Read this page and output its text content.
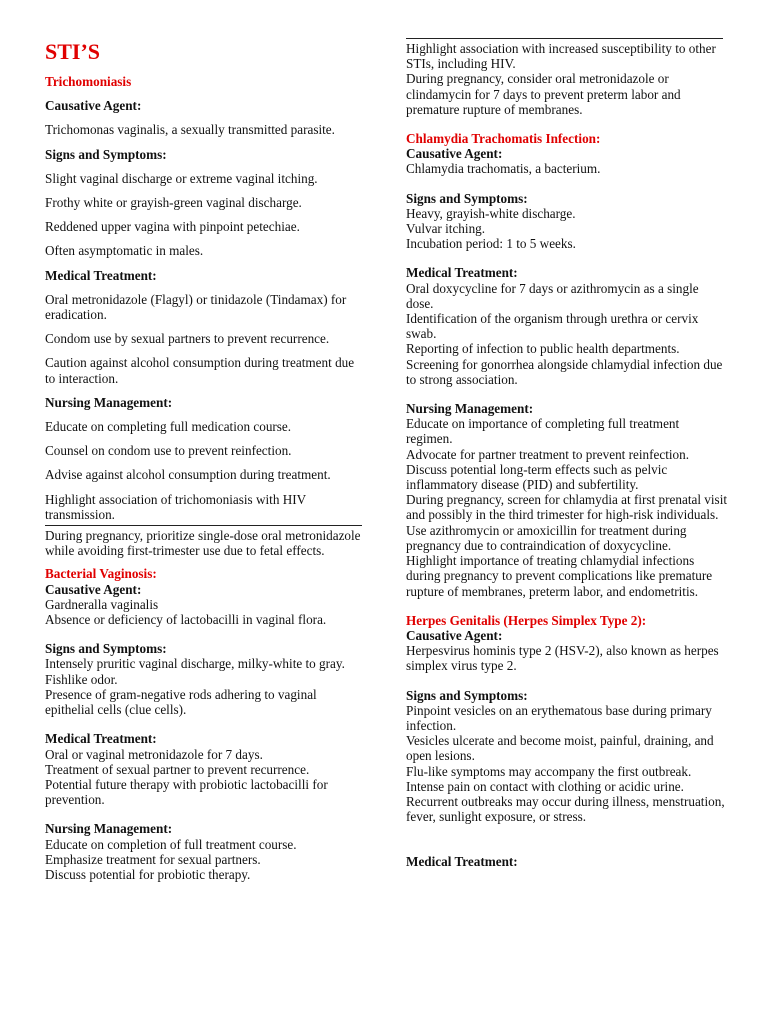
STI’S
Trichomoniasis
Causative Agent:

Trichomonas vaginalis, a sexually transmitted parasite.

Signs and Symptoms:

Slight vaginal discharge or extreme vaginal itching.

Frothy white or grayish-green vaginal discharge.

Reddened upper vagina with pinpoint petechiae.

Often asymptomatic in males.

Medical Treatment:

Oral metronidazole (Flagyl) or tinidazole (Tindamax) for eradication.

Condom use by sexual partners to prevent recurrence.

Caution against alcohol consumption during treatment due to interaction.

Nursing Management:

Educate on completing full medication course.

Counsel on condom use to prevent reinfection.

Advise against alcohol consumption during treatment.

Highlight association of trichomoniasis with HIV transmission.

During pregnancy, prioritize single-dose oral metronidazole while avoiding first-trimester use due to fetal effects.

Bacterial Vaginosis:
Causative Agent:

Gardneralla vaginalis

Absence or deficiency of lactobacilli in vaginal flora.

Signs and Symptoms:

Intensely pruritic vaginal discharge, milky-white to gray.

Fishlike odor.

Presence of gram-negative rods adhering to vaginal epithelial cells (clue cells).

Medical Treatment:

Oral or vaginal metronidazole for 7 days.

Treatment of sexual partner to prevent recurrence.

Potential future therapy with probiotic lactobacilli for prevention.

Nursing Management:

Educate on completion of full treatment course.

Emphasize treatment for sexual partners.

Discuss potential for probiotic therapy.

Highlight association with increased susceptibility to other STIs, including HIV.

During pregnancy, consider oral metronidazole or clindamycin for 7 days to prevent preterm labor and premature rupture of membranes.

Chlamydia Trachomatis Infection:
Causative Agent:

Chlamydia trachomatis, a bacterium.

Signs and Symptoms:

Heavy, grayish-white discharge.

Vulvar itching.

Incubation period: 1 to 5 weeks.

Medical Treatment:

Oral doxycycline for 7 days or azithromycin as a single dose.

Identification of the organism through urethra or cervix swab.

Reporting of infection to public health departments.

Screening for gonorrhea alongside chlamydial infection due to strong association.

Nursing Management:

Educate on importance of completing full treatment regimen.

Advocate for partner treatment to prevent reinfection.

Discuss potential long-term effects such as pelvic inflammatory disease (PID) and subfertility.

During pregnancy, screen for chlamydia at first prenatal visit and possibly in the third trimester for high-risk individuals.

Use azithromycin or amoxicillin for treatment during pregnancy due to contraindication of doxycycline.

Highlight importance of treating chlamydial infections during pregnancy to prevent complications like premature rupture of membranes, preterm labor, and endometritis.

Herpes Genitalis (Herpes Simplex Type 2):
Causative Agent:

Herpesvirus hominis type 2 (HSV-2), also known as herpes simplex virus type 2.

Signs and Symptoms:

Pinpoint vesicles on an erythematous base during primary infection.

Vesicles ulcerate and become moist, painful, draining, and open lesions.

Flu-like symptoms may accompany the first outbreak.

Intense pain on contact with clothing or acidic urine.

Recurrent outbreaks may occur during illness, menstruation, fever, sunlight exposure, or stress.

Medical Treatment:
